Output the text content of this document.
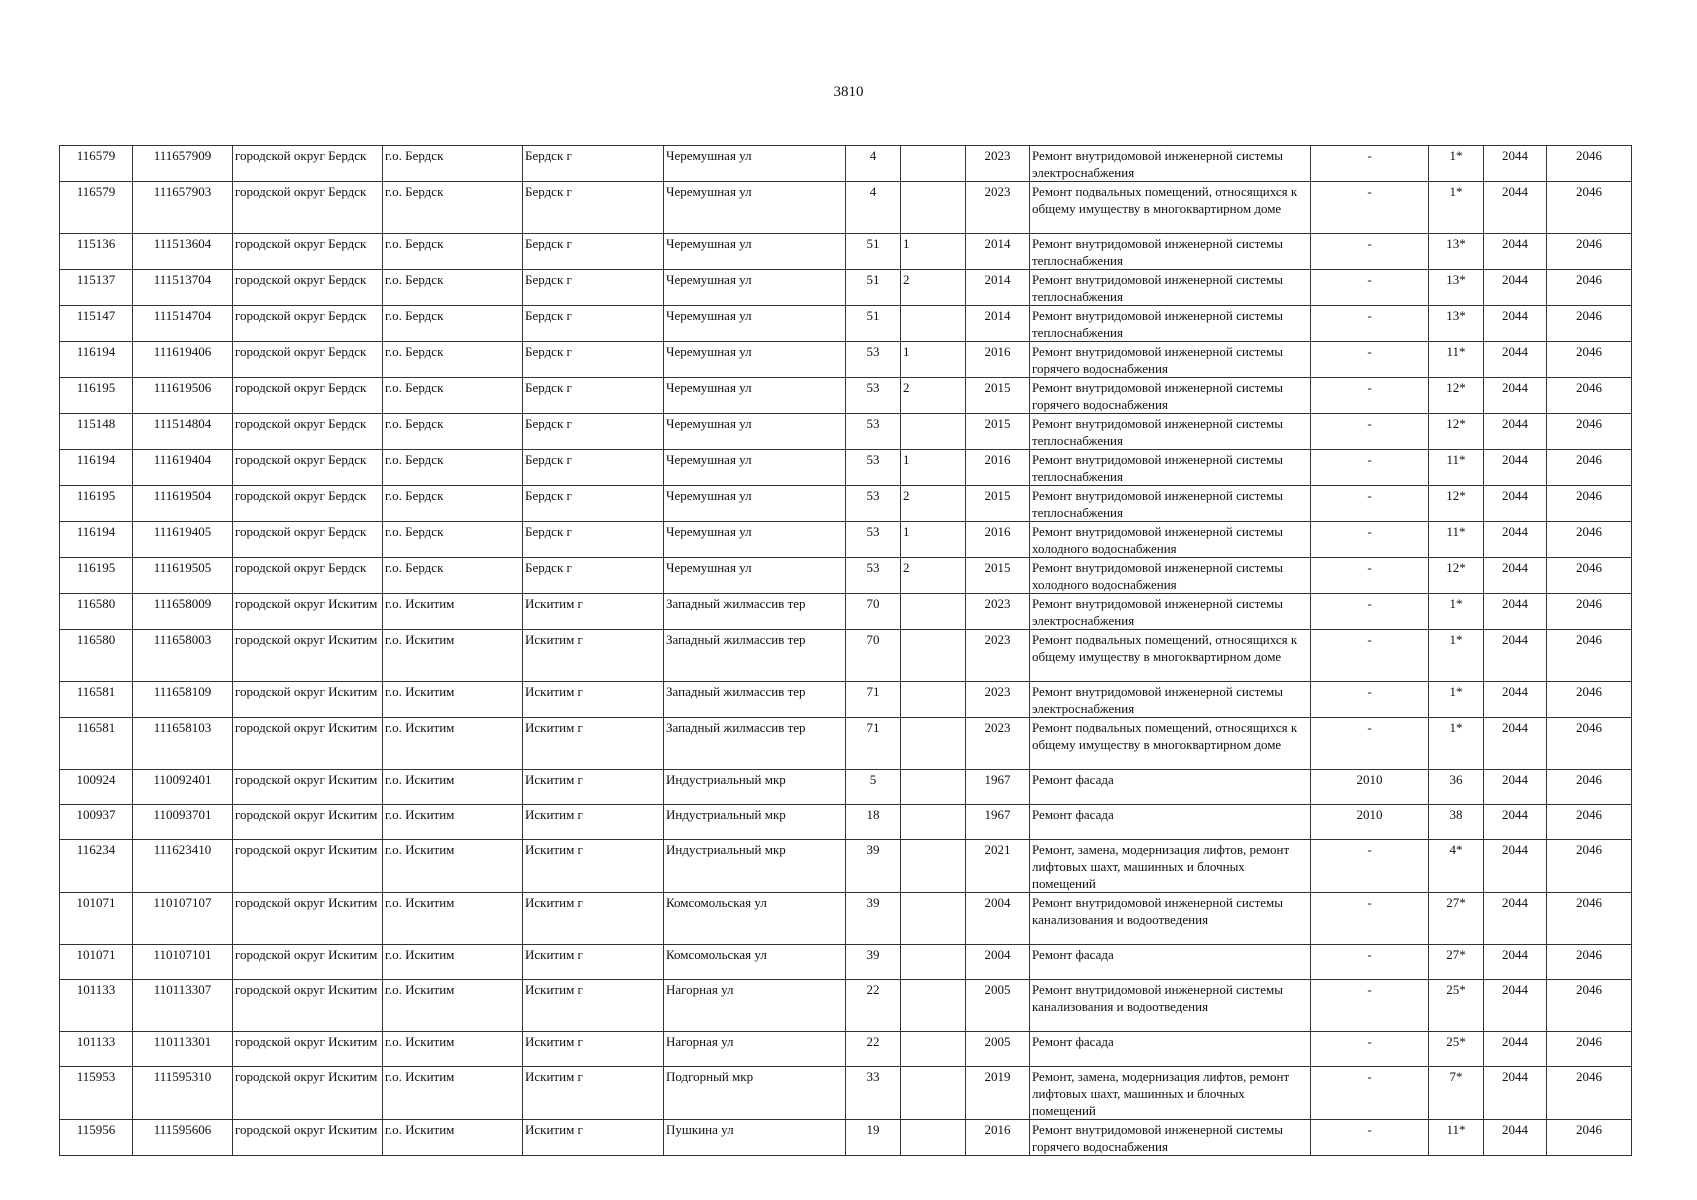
3810
116579	111657909	городской округ Бердск	г.о. Бердск	Бердск г	Черемушная ул	4		2023	Ремонт внутридомовой инженерной системы электроснабжения	-	1*	2044	2046
116579	111657903	городской округ Бердск	г.о. Бердск	Бердск г	Черемушная ул	4		2023	Ремонт подвальных помещений, относящихся к общему имуществу в многоквартирном доме	-	1*	2044	2046
115136	111513604	городской округ Бердск	г.о. Бердск	Бердск г	Черемушная ул	51	1	2014	Ремонт внутридомовой инженерной системы теплоснабжения	-	13*	2044	2046
115137	111513704	городской округ Бердск	г.о. Бердск	Бердск г	Черемушная ул	51	2	2014	Ремонт внутридомовой инженерной системы теплоснабжения	-	13*	2044	2046
115147	111514704	городской округ Бердск	г.о. Бердск	Бердск г	Черемушная ул	51		2014	Ремонт внутридомовой инженерной системы теплоснабжения	-	13*	2044	2046
116194	111619406	городской округ Бердск	г.о. Бердск	Бердск г	Черемушная ул	53	1	2016	Ремонт внутридомовой инженерной системы горячего водоснабжения	-	11*	2044	2046
116195	111619506	городской округ Бердск	г.о. Бердск	Бердск г	Черемушная ул	53	2	2015	Ремонт внутридомовой инженерной системы горячего водоснабжения	-	12*	2044	2046
115148	111514804	городской округ Бердск	г.о. Бердск	Бердск г	Черемушная ул	53		2015	Ремонт внутридомовой инженерной системы теплоснабжения	-	12*	2044	2046
116194	111619404	городской округ Бердск	г.о. Бердск	Бердск г	Черемушная ул	53	1	2016	Ремонт внутридомовой инженерной системы теплоснабжения	-	11*	2044	2046
116195	111619504	городской округ Бердск	г.о. Бердск	Бердск г	Черемушная ул	53	2	2015	Ремонт внутридомовой инженерной системы теплоснабжения	-	12*	2044	2046
116194	111619405	городской округ Бердск	г.о. Бердск	Бердск г	Черемушная ул	53	1	2016	Ремонт внутридомовой инженерной системы холодного водоснабжения	-	11*	2044	2046
116195	111619505	городской округ Бердск	г.о. Бердск	Бердск г	Черемушная ул	53	2	2015	Ремонт внутридомовой инженерной системы холодного водоснабжения	-	12*	2044	2046
116580	111658009	городской округ Искитим	г.о. Искитим	Искитим г	Западный жилмассив тер	70		2023	Ремонт внутридомовой инженерной системы электроснабжения	-	1*	2044	2046
116580	111658003	городской округ Искитим	г.о. Искитим	Искитим г	Западный жилмассив тер	70		2023	Ремонт подвальных помещений, относящихся к общему имуществу в многоквартирном доме	-	1*	2044	2046
116581	111658109	городской округ Искитим	г.о. Искитим	Искитим г	Западный жилмассив тер	71		2023	Ремонт внутридомовой инженерной системы электроснабжения	-	1*	2044	2046
116581	111658103	городской округ Искитим	г.о. Искитим	Искитим г	Западный жилмассив тер	71		2023	Ремонт подвальных помещений, относящихся к общему имуществу в многоквартирном доме	-	1*	2044	2046
100924	110092401	городской округ Искитим	г.о. Искитим	Искитим г	Индустриальный мкр	5		1967	Ремонт фасада	2010	36	2044	2046
100937	110093701	городской округ Искитим	г.о. Искитим	Искитим г	Индустриальный мкр	18		1967	Ремонт фасада	2010	38	2044	2046
116234	111623410	городской округ Искитим	г.о. Искитим	Искитим г	Индустриальный мкр	39		2021	Ремонт, замена, модернизация лифтов, ремонт лифтовых шахт, машинных и блочных помещений	-	4*	2044	2046
101071	110107107	городской округ Искитим	г.о. Искитим	Искитим г	Комсомольская ул	39		2004	Ремонт внутридомовой инженерной системы канализования и водоотведения	-	27*	2044	2046
101071	110107101	городской округ Искитим	г.о. Искитим	Искитим г	Комсомольская ул	39		2004	Ремонт фасада	-	27*	2044	2046
101133	110113307	городской округ Искитим	г.о. Искитим	Искитим г	Нагорная ул	22		2005	Ремонт внутридомовой инженерной системы канализования и водоотведения	-	25*	2044	2046
101133	110113301	городской округ Искитим	г.о. Искитим	Искитим г	Нагорная ул	22		2005	Ремонт фасада	-	25*	2044	2046
115953	111595310	городской округ Искитим	г.о. Искитим	Искитим г	Подгорный мкр	33		2019	Ремонт, замена, модернизация лифтов, ремонт лифтовых шахт, машинных и блочных помещений	-	7*	2044	2046
115956	111595606	городской округ Искитим	г.о. Искитим	Искитим г	Пушкина ул	19		2016	Ремонт внутридомовой инженерной системы горячего водоснабжения	-	11*	2044	2046
